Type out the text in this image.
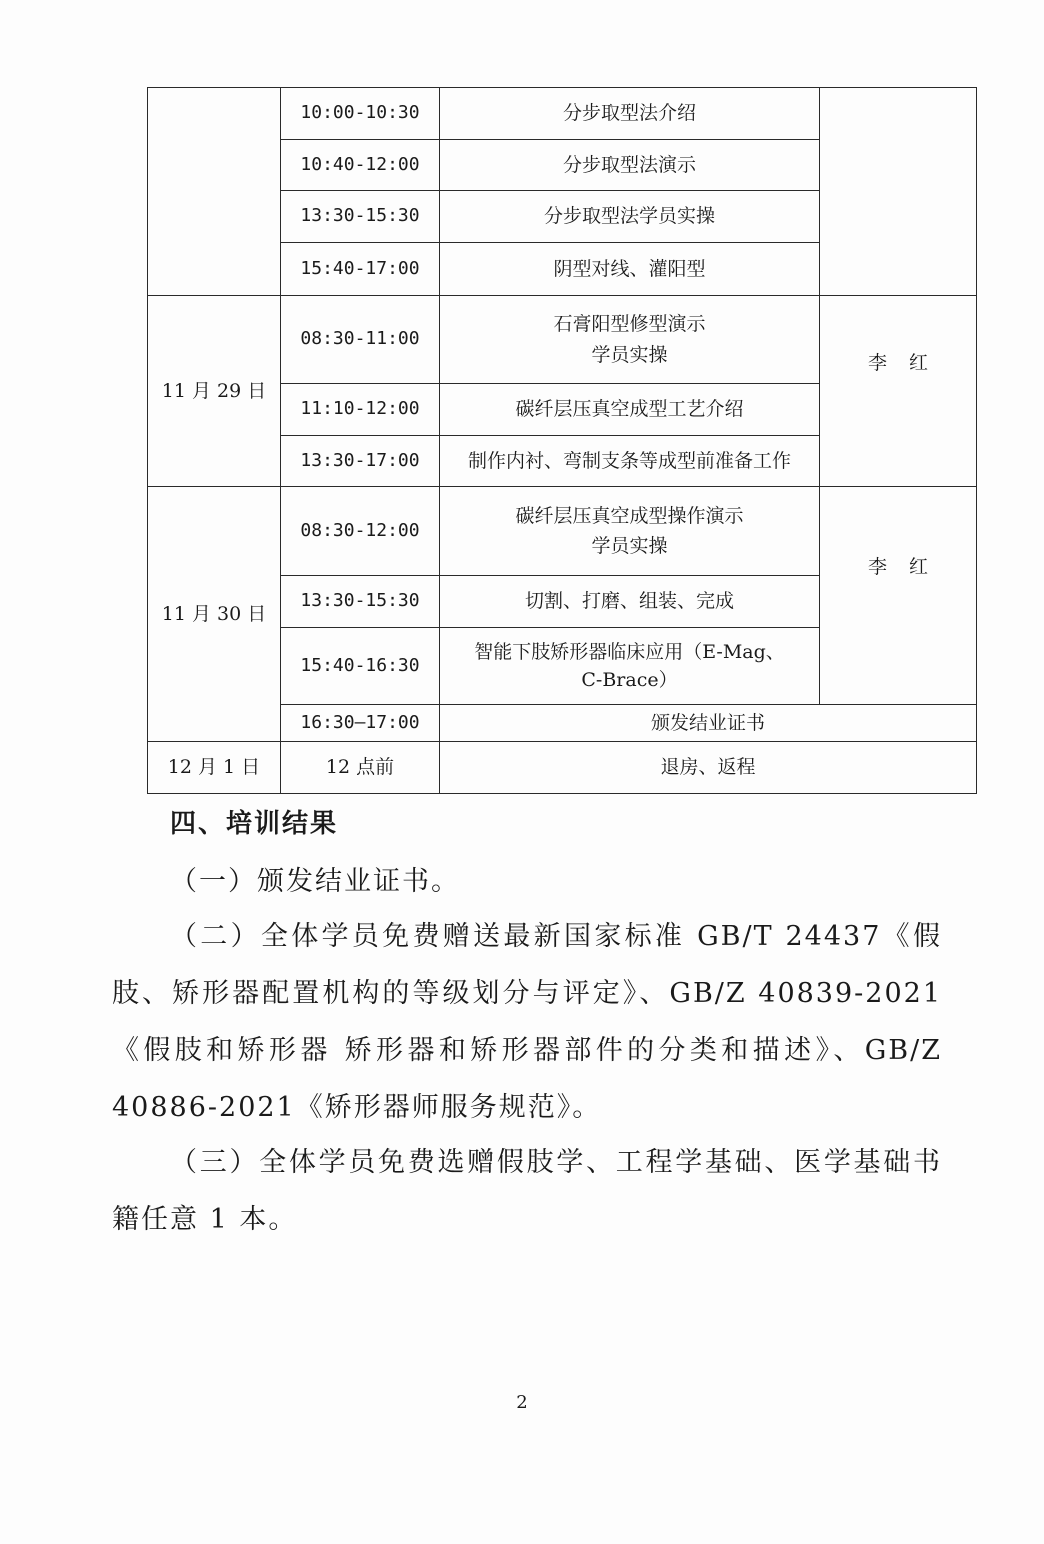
	10:00-10:30	分步取型法介绍	

	10:40-12:00	分步取型法演示	

	13:30-15:30	分步取型法学员实操	

	15:40-17:00	阴型对线、灌阳型	

11 月 29 日	08:30-11:00	石膏阳型修型演示
学员实操	李红
	11:10-12:00	碳纤层压真空成型工艺介绍	

	13:30-17:00	制作内衬、弯制支条等成型前准备工作	

11 月 30 日	08:30-12:00	碳纤层压真空成型操作演示
学员实操	李红
	13:30-15:30	切割、打磨、组装、完成	

	15:40-16:30	智能下肢矫形器临床应用（E-Mag、
C-Brace）	

	16:30—17:00	颁发结业证书	

12 月 1 日	12 点前	退房、返程	
四、培训结果

（一）颁发结业证书。

（二）全体学员免费赠送最新国家标准 GB/T 24437《假肢、矫形器配置机构的等级划分与评定》、GB/Z 40839-2021《假肢和矫形器 矫形器和矫形器部件的分类和描述》、GB/Z 40886-2021《矫形器师服务规范》。

（三）全体学员免费选赠假肢学、工程学基础、医学基础书籍任意 1 本。

2
